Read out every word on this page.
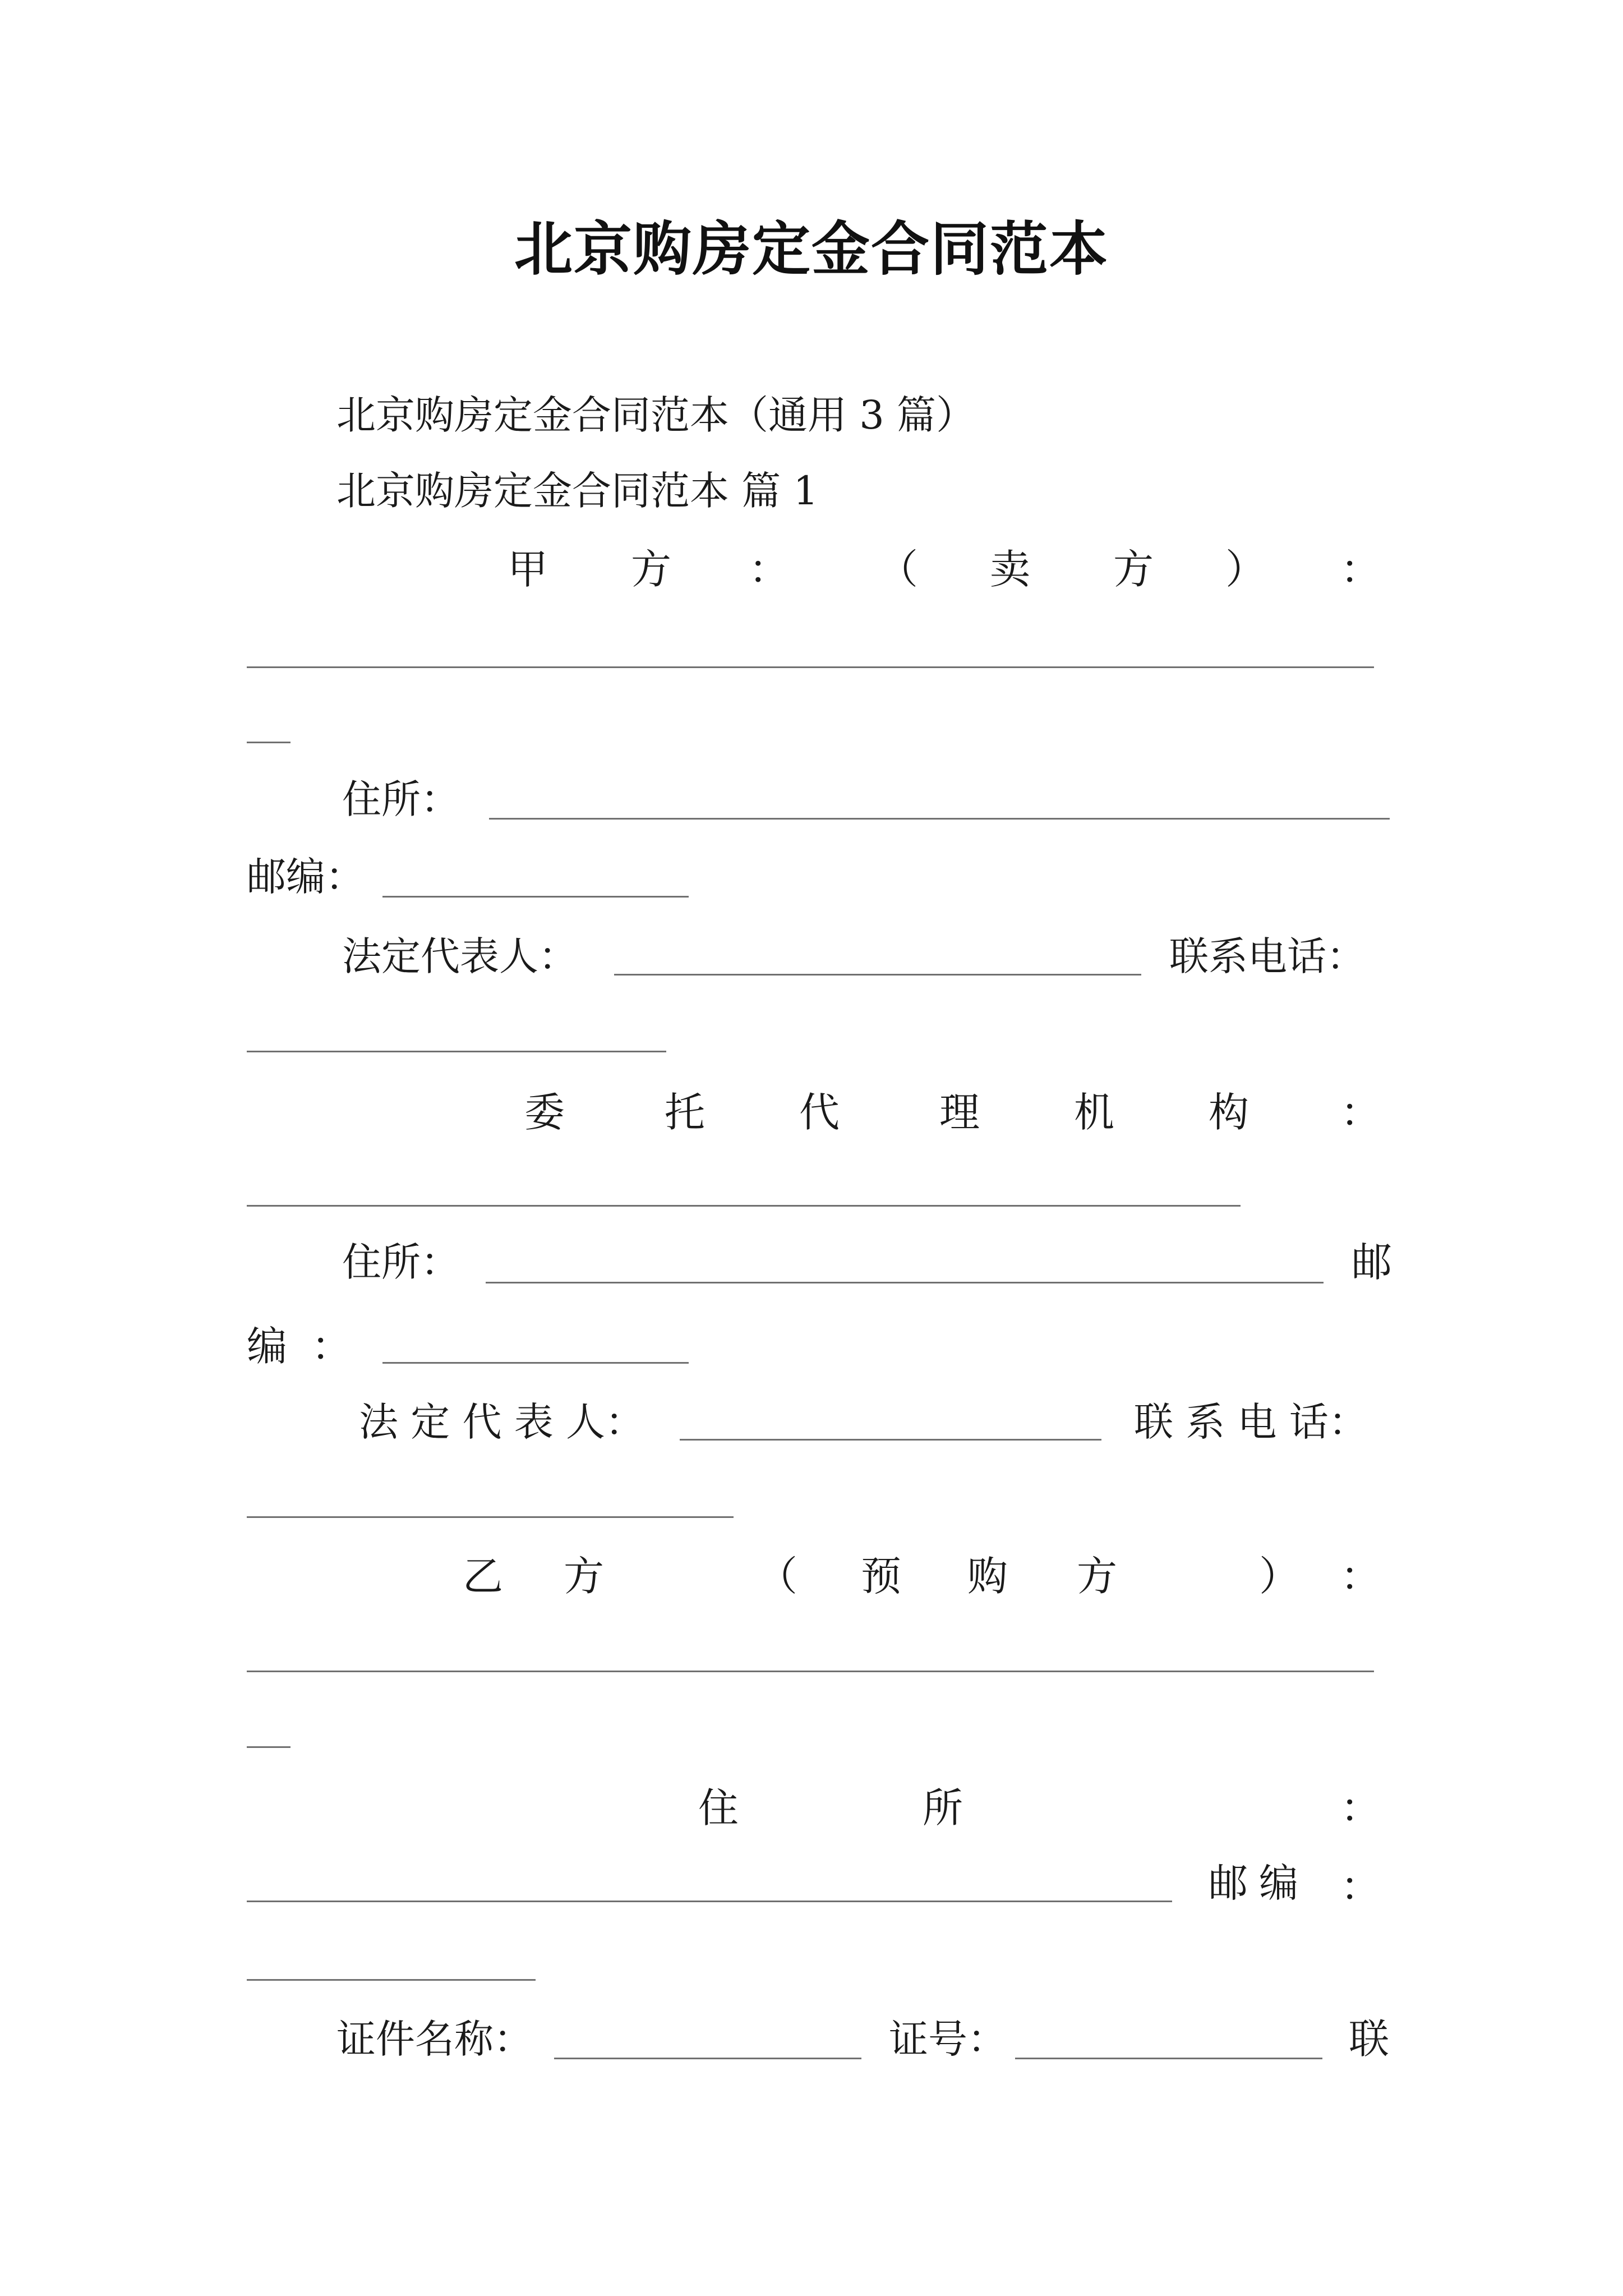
北京购房定金合同范本
北京购房定金合同范本（通用 3 篇）
北京购房定金合同范本 篇 1
甲 方 ： （ 卖 方 ） ：
住所：
邮编：
法定代表人：	联系电话：
委 托 代 理 机 构 ：
住所：	邮
编 ：
法 定 代 表 人：	联 系 电 话：
乙 方	（ 预 购 方	） ：
住	所	：
邮编 ：
证件名称：	证号：	联
